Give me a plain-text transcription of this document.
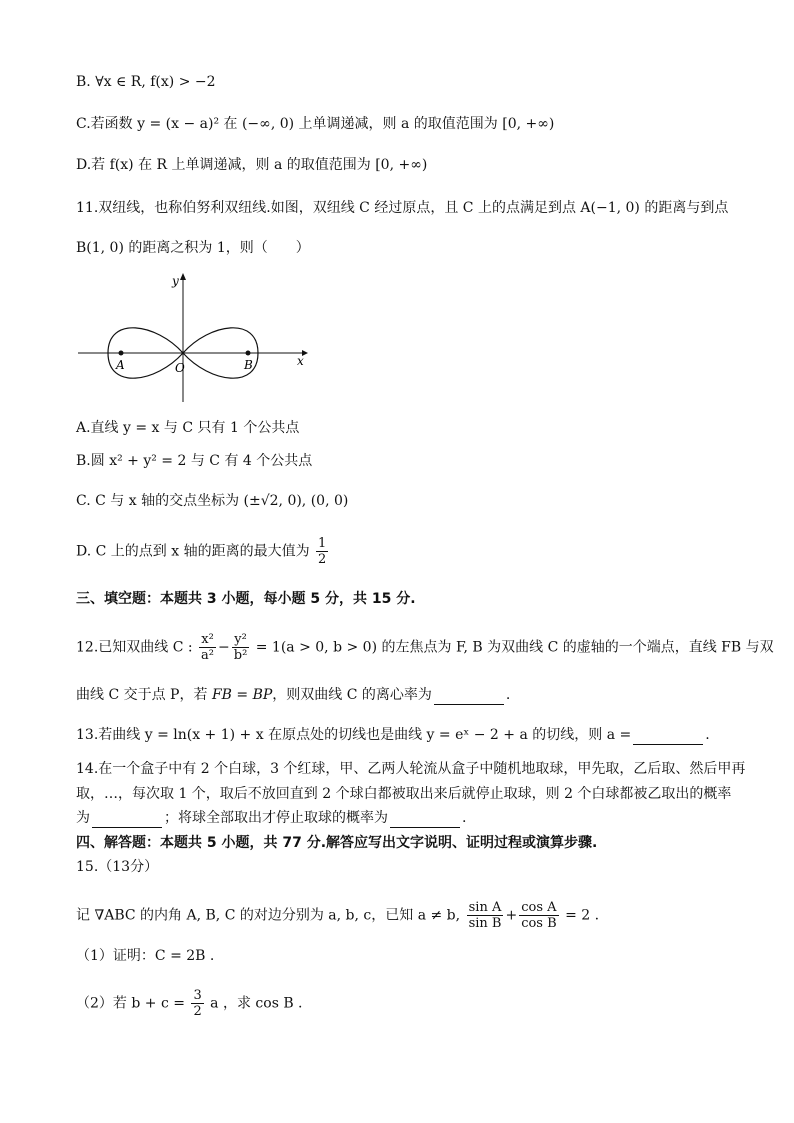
B. ∀x ∈ R, f(x) > −2
C.若函数 y = (x − a)² 在 (−∞, 0) 上单调递减，则 a 的取值范围为 [0, +∞)
D.若 f(x) 在 R 上单调递减，则 a 的取值范围为 [0, +∞)
11.双纽线，也称伯努利双纽线.如图，双纽线 C 经过原点，且 C 上的点满足到点 A(−1, 0) 的距离与到点
B(1, 0) 的距离之积为 1，则（　　）
x
y
A	O	B
A.直线 y = x 与 C 只有 1 个公共点
B.圆 x² + y² = 2 与 C 有 4 个公共点
C. C 与 x 轴的交点坐标为 (±√2, 0), (0, 0)
D. C 上的点到 x 轴的距离的最大值为 $\frac{1}{2}$
三、填空题：本题共 3 小题，每小题 5 分，共 15 分.
12.已知双曲线 C : $\frac{\text{x²}}{\text{a²}} - \frac{\text{y²}}{\text{b²}} = 1(a > 0$, b > 0) 的左焦点为 F, B 为双曲线 C 的虚轴的一个端点，直线 FB 与双
曲线 C 交于点 P，若 FB = BP，则双曲线 C 的离心率为	.
13.若曲线 y = ln(x + 1) + x 在原点处的切线也是曲线 y = eˣ − 2 + a 的切线，则 a =	.
14.在一个盒子中有 2 个白球，3 个红球，甲、乙两人轮流从盒子中随机地取球，甲先取，乙后取、然后甲再
取，…，每次取 1 个，取后不放回直到 2 个球白都被取出来后就停止取球，则 2 个白球都被乙取出的概率
为	；将球全部取出才停止取球的概率为	.
四、解答题：本题共 5 小题，共 77 分.解答应写出文字说明、证明过程或演算步骤.
15.（13分）
记 ∇ABC 的内角 A, B, C 的对边分别为 a, b, c，已知 a ≠ b, $\frac{\text{sin A}}{\text{sin B}} + \frac{\text{cos A}}{\text{cos B}} = 2$ .
（1）证明：C = 2B .
（2）若 $b + c = \frac{3}{2}$ a ，求 cos B .
